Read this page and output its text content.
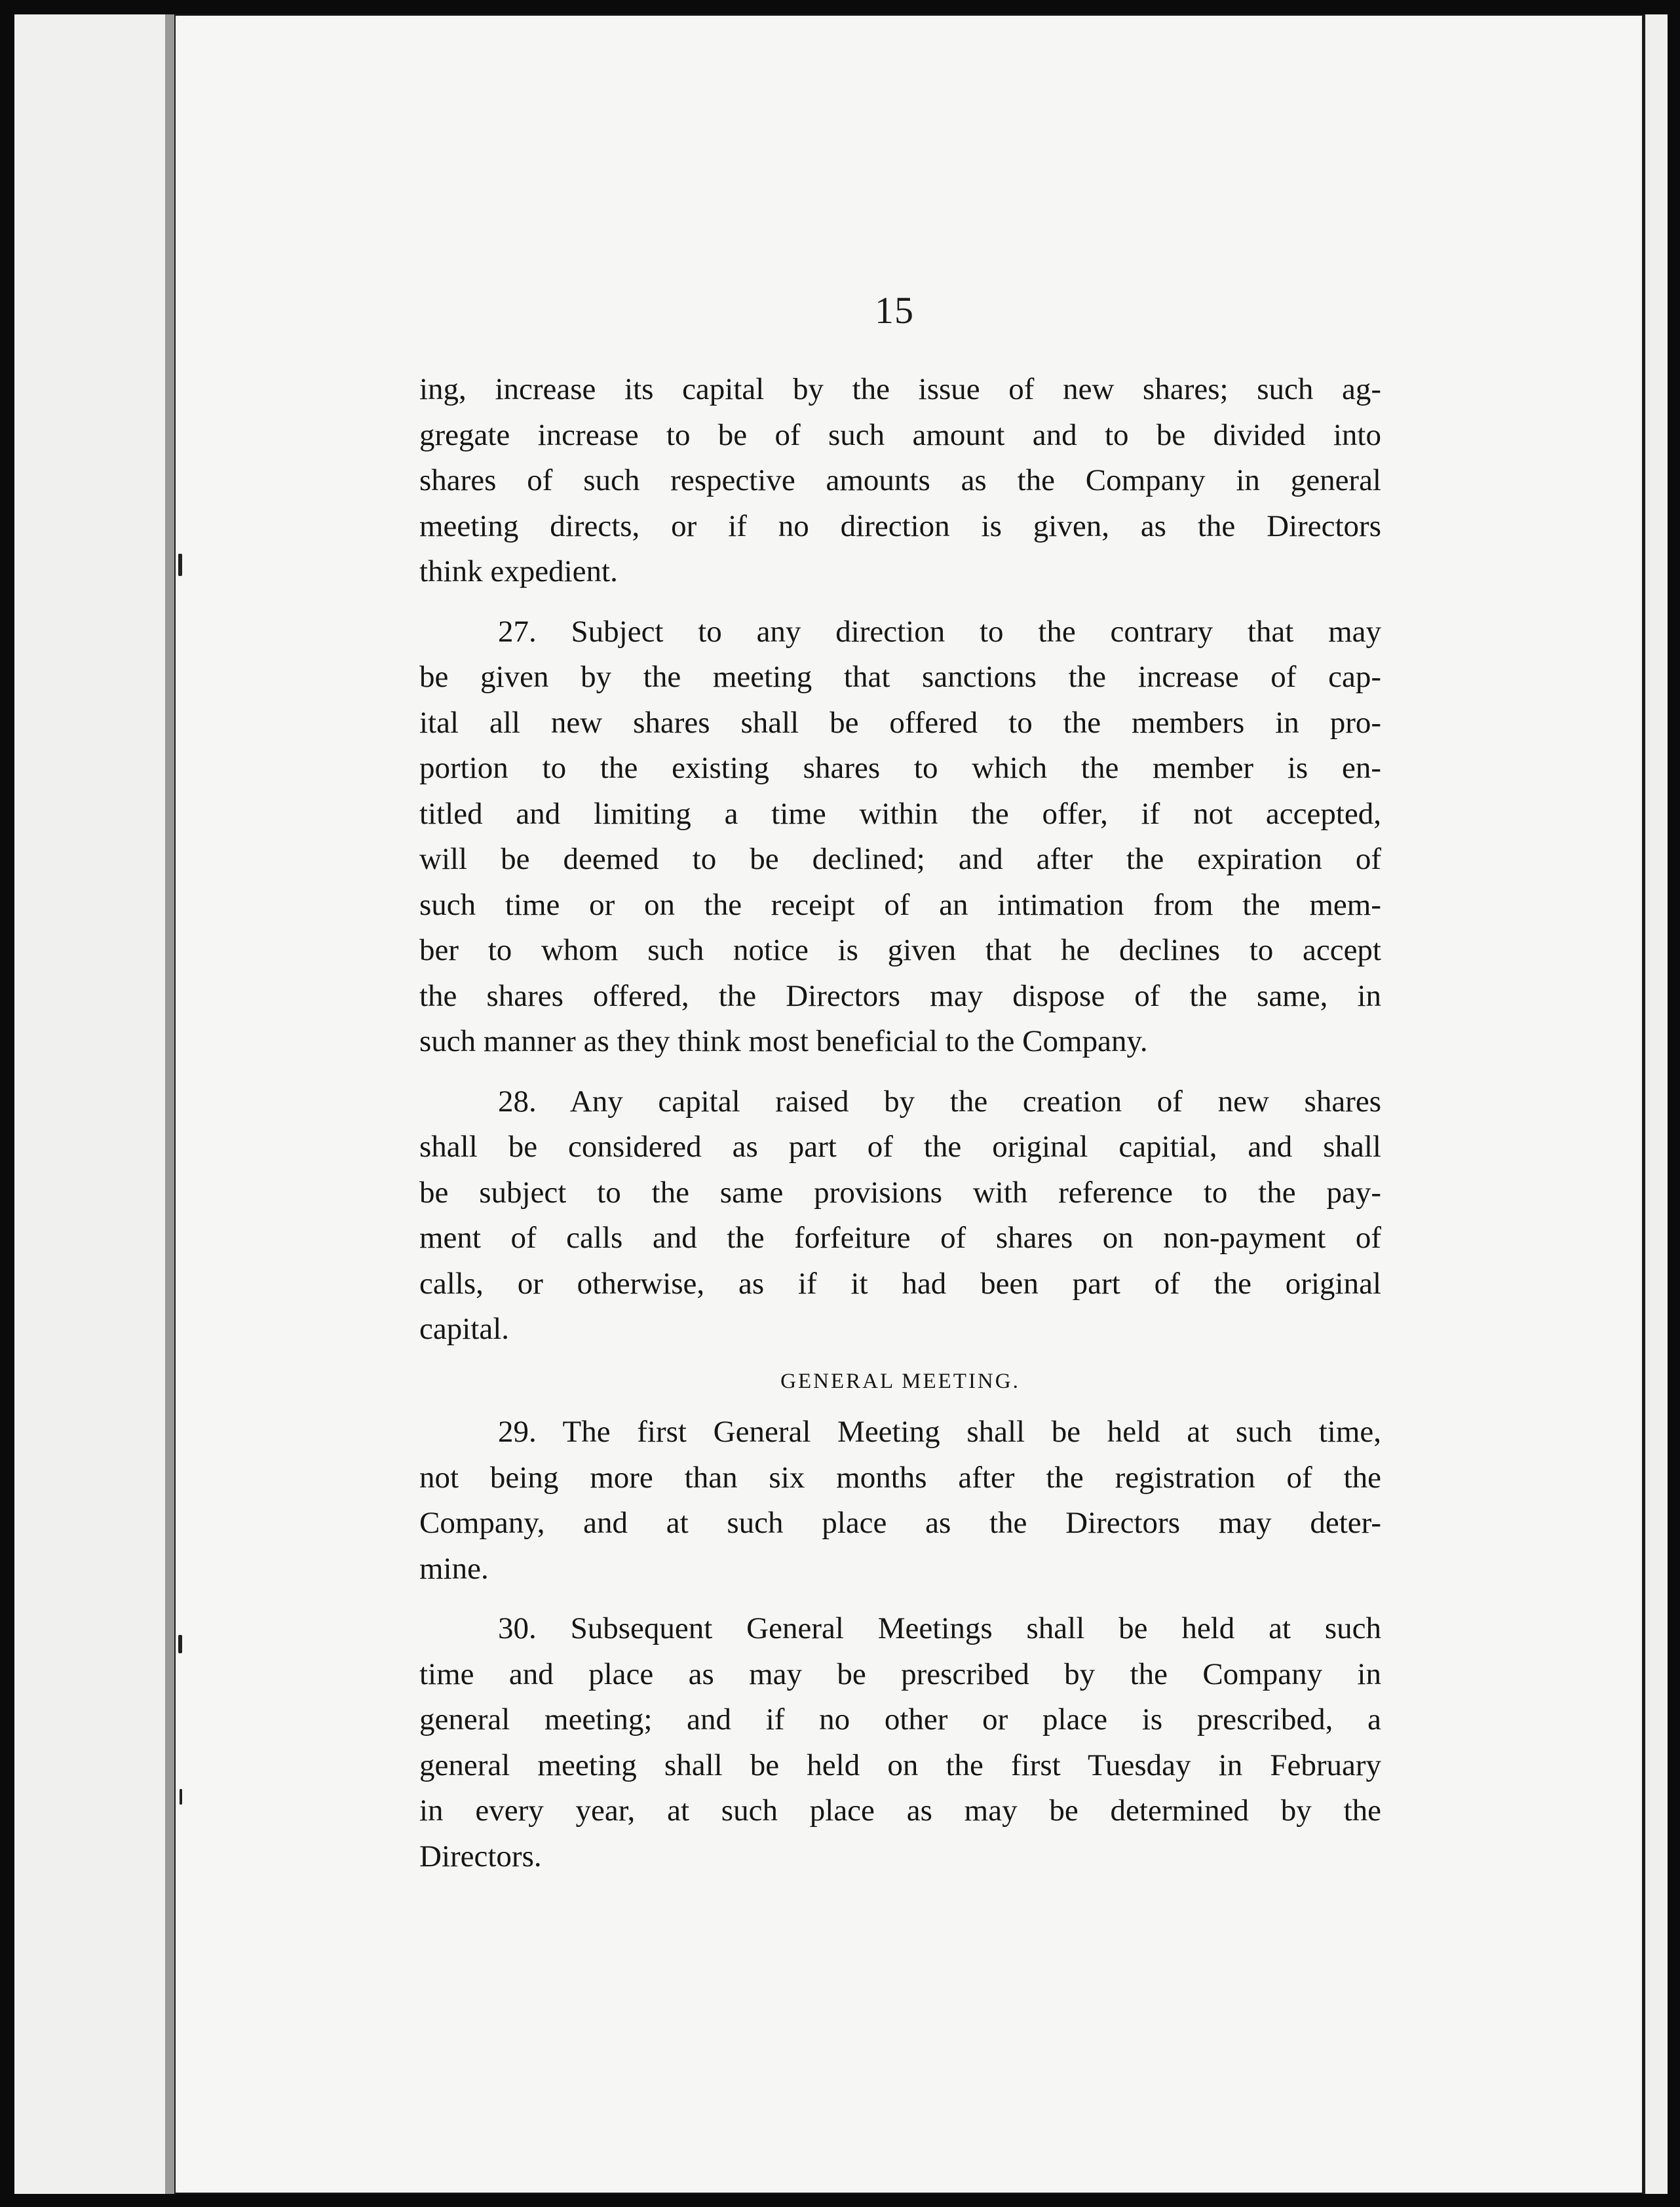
15

ing, increase its capital by the issue of new shares; such ag-
gregate increase to be of such amount and to be divided into
shares of such respective amounts as the Company in general
meeting directs, or if no direction is given, as the Directors
think expedient.

27. Subject to any direction to the contrary that may
be given by the meeting that sanctions the increase of cap-
ital all new shares shall be offered to the members in pro-
portion to the existing shares to which the member is en-
titled and limiting a time within the offer, if not accepted,
will be deemed to be declined; and after the expiration of
such time or on the receipt of an intimation from the mem-
ber to whom such notice is given that he declines to accept
the shares offered, the Directors may dispose of the same, in
such manner as they think most beneficial to the Company.

28. Any capital raised by the creation of new shares
shall be considered as part of the original capitial, and shall
be subject to the same provisions with reference to the pay-
ment of calls and the forfeiture of shares on non-payment of
calls, or otherwise, as if it had been part of the original
capital.

GENERAL MEETING.

29. The first General Meeting shall be held at such time,
not being more than six months after the registration of the
Company, and at such place as the Directors may deter-
mine.

30. Subsequent General Meetings shall be held at such
time and place as may be prescribed by the Company in
general meeting; and if no other or place is prescribed, a
general meeting shall be held on the first Tuesday in February
in every year, at such place as may be determined by the
Directors.
